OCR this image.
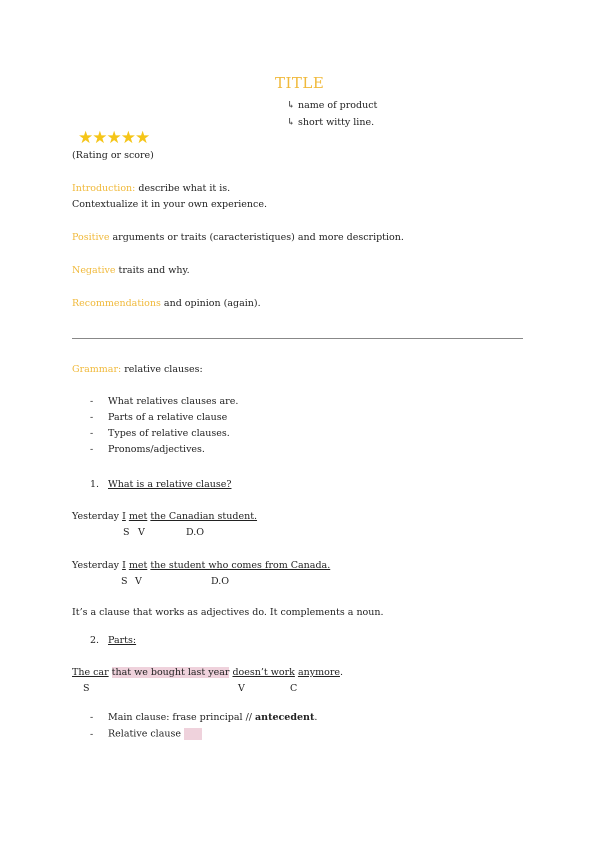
TITLE
↳ name of product
↳ short witty line.
★★★★★
(Rating or score)
Introduction: describe what it is.
Contextualize it in your own experience.
Positive arguments or traits (caracteristiques) and more description.
Negative traits and why.
Recommendations and opinion (again).
Grammar: relative clauses:
- What relatives clauses are.
- Parts of a relative clause
- Types of relative clauses.
- Pronoms/adjectives.
1. What is a relative clause?
Yesterday I met the Canadian student.
S V	D.O
Yesterday I met the student who comes from Canada.
S V	D.O
It’s a clause that works as adjectives do. It complements a noun.
2. Parts:
The car that we bought last year doesn’t work anymore.
S	V	C
- Main clause: frase principal // antecedent.
- Relative clause
